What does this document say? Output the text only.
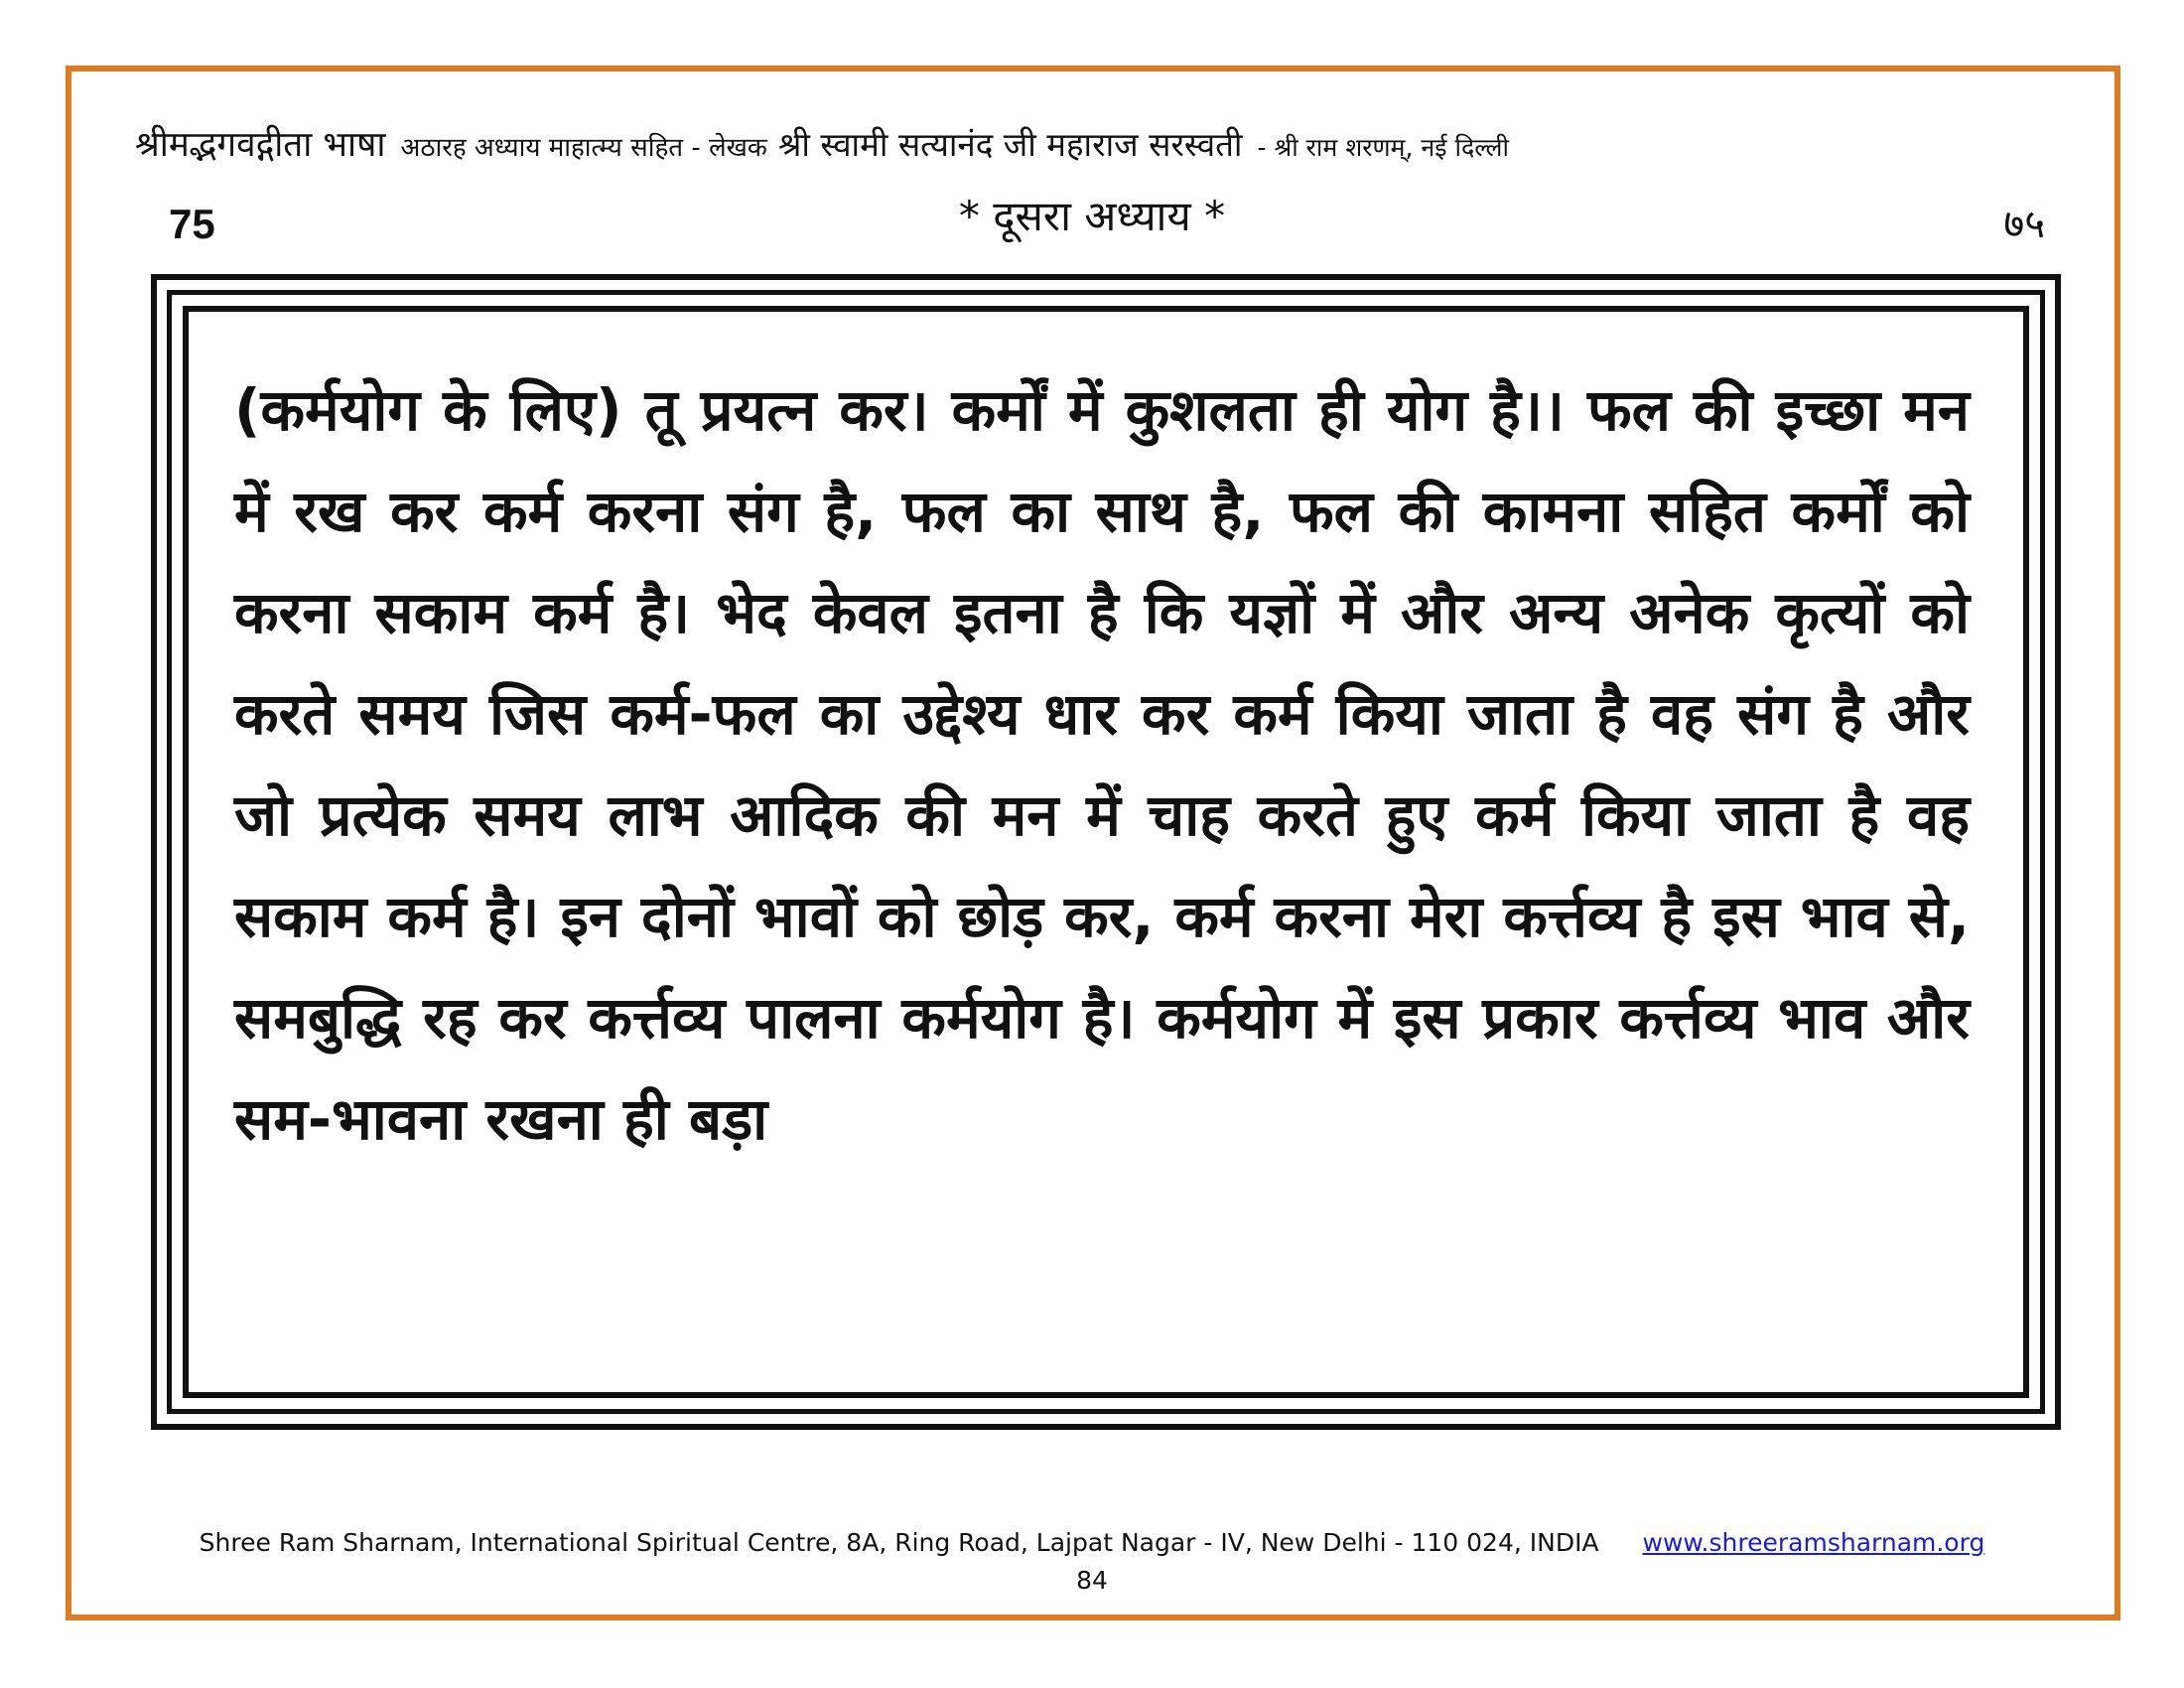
श्रीमद्भगवद्गीता भाषा अठारह अध्याय माहात्म्य सहित - लेखक श्री स्वामी सत्यानंद जी महाराज सरस्वती - श्री राम शरणम्, नई दिल्ली
75	* दूसरा अध्याय *	७५

(कर्मयोग के लिए) तू प्रयत्न कर। कर्मों में कुशलता ही योग है।। फल की इच्छा मन में रख कर कर्म करना संग है, फल का साथ है, फल की कामना सहित कर्मों को करना सकाम कर्म है। भेद केवल इतना है कि यज्ञों में और अन्य अनेक कृत्यों को करते समय जिस कर्म-फल का उद्देश्य धार कर कर्म किया जाता है वह संग है और जो प्रत्येक समय लाभ आदिक की मन में चाह करते हुए कर्म किया जाता है वह सकाम कर्म है। इन दोनों भावों को छोड़ कर, कर्म करना मेरा कर्त्तव्य है इस भाव से, समबुद्धि रह कर कर्त्तव्य पालना कर्मयोग है। कर्मयोग में इस प्रकार कर्त्तव्य भाव और सम-भावना रखना ही बड़ा

Shree Ram Sharnam, International Spiritual Centre, 8A, Ring Road, Lajpat Nagar - IV, New Delhi - 110 024, INDIA www.shreeramsharnam.org
84
